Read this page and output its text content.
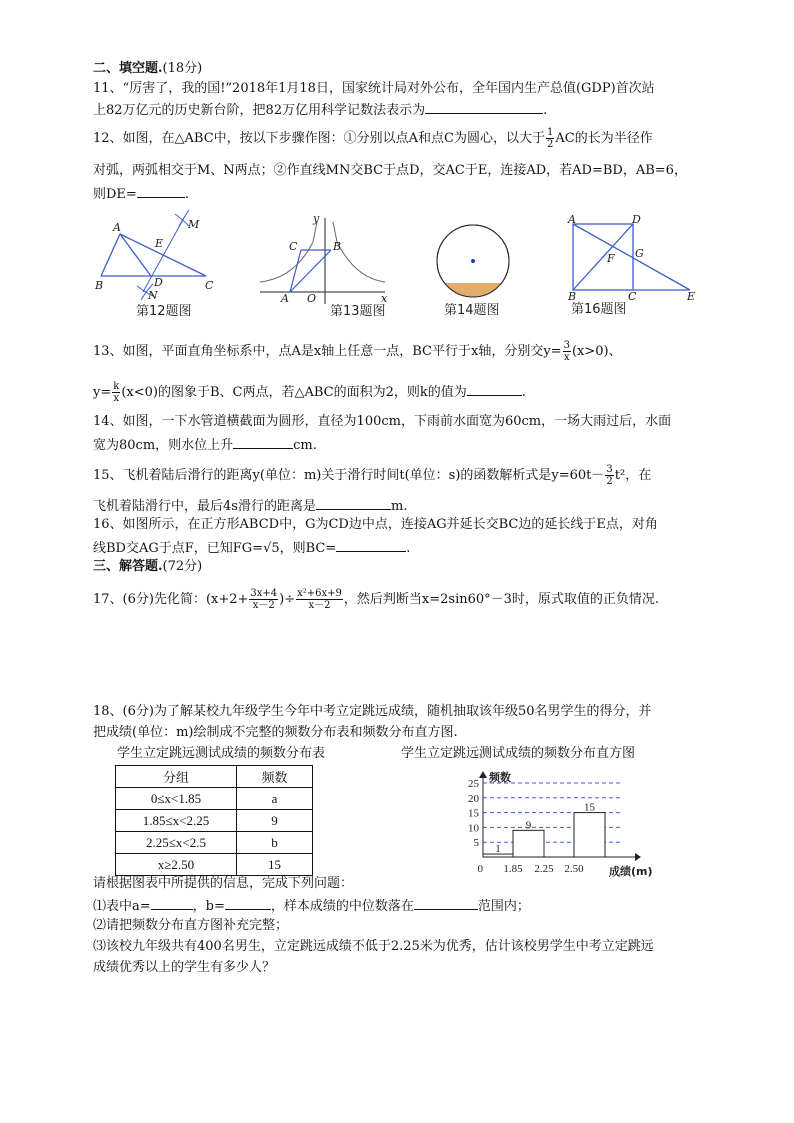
二、填空题.(18分)
11、“厉害了，我的国!”2018年1月18日，国家统计局对外公布，全年国内生产总值(GDP)首次站
上82万亿元的历史新台阶，把82万亿用科学记数法表示为	.
12、如图，在△ABC中，按以下步骤作图：①分别以点A和点C为圆心，以大于 $\frac{1}{2}$ AC的长为半径作
对弧，两弧相交于M、N两点；②作直线MN交BC于点D，交AC于E，连接AD，若AD=BD，AB=6，
则DE=	.
A
B	C
D
E
M
N
第12题图
y
x
C	B
A O
第13题图	第14题图
A	D
G
F
B	C	E
第16题图
13、如图，平面直角坐标系中，点A是x轴上任意一点，BC平行于x轴，分别交$y= \frac{3}{x} (x>0)$、
$y= \frac{k}{x} (x<0)$的图象于B、C两点，若△ABC的面积为2，则k的值为	.
14、如图，一下水管道横截面为圆形，直径为100cm，下雨前水面宽为60cm，一场大雨过后，水面
宽为80cm，则水位上升	cm.
15、飞机着陆后滑行的距离y(单位：m)关于滑行时间t(单位：s)的函数解析式是$y=60t- \frac{3}{2} t^2$，在
飞机着陆滑行中，最后4s滑行的距离是	m.
16、如图所示，在正方形ABCD中，G为CD边中点，连接AG并延长交BC边的延长线于E点，对角
线BD交AG于点F，已知FG=√5，则BC=	.
三、解答题.(72分)
17、(6分)先化简：($x+2+ \frac{3x+4}{x-2}$ )÷ $\frac{\text{x²+6x+9}}{x-2}$ ，然后判断当x=2sin60°－3时，原式取值的正负情况.
18、(6分)为了解某校九年级学生今年中考立定跳远成绩，随机抽取该年级50名男学生的得分，并
把成绩(单位：m)绘制成不完整的频数分布表和频数分布直方图.
学生立定跳远测试成绩的频数分布表	学生立定跳远测试成绩的频数分布直方图
分组	频数
0≤x<1.85	a
1.85≤x<2.25	9
2.25≤x<2.5	b
x≥2.50	15
1
9
15
频数
成绩(m)
5
10
15
20
25
0 1.85 2.25 2.50
请根据图表中所提供的信息，完成下列问题：
⑴表中a=	，b=	，样本成绩的中位数落在	范围内；
⑵请把频数分布直方图补充完整；
⑶该校九年级共有400名男生，立定跳远成绩不低于2.25米为优秀，估计该校男学生中考立定跳远
成绩优秀以上的学生有多少人？
